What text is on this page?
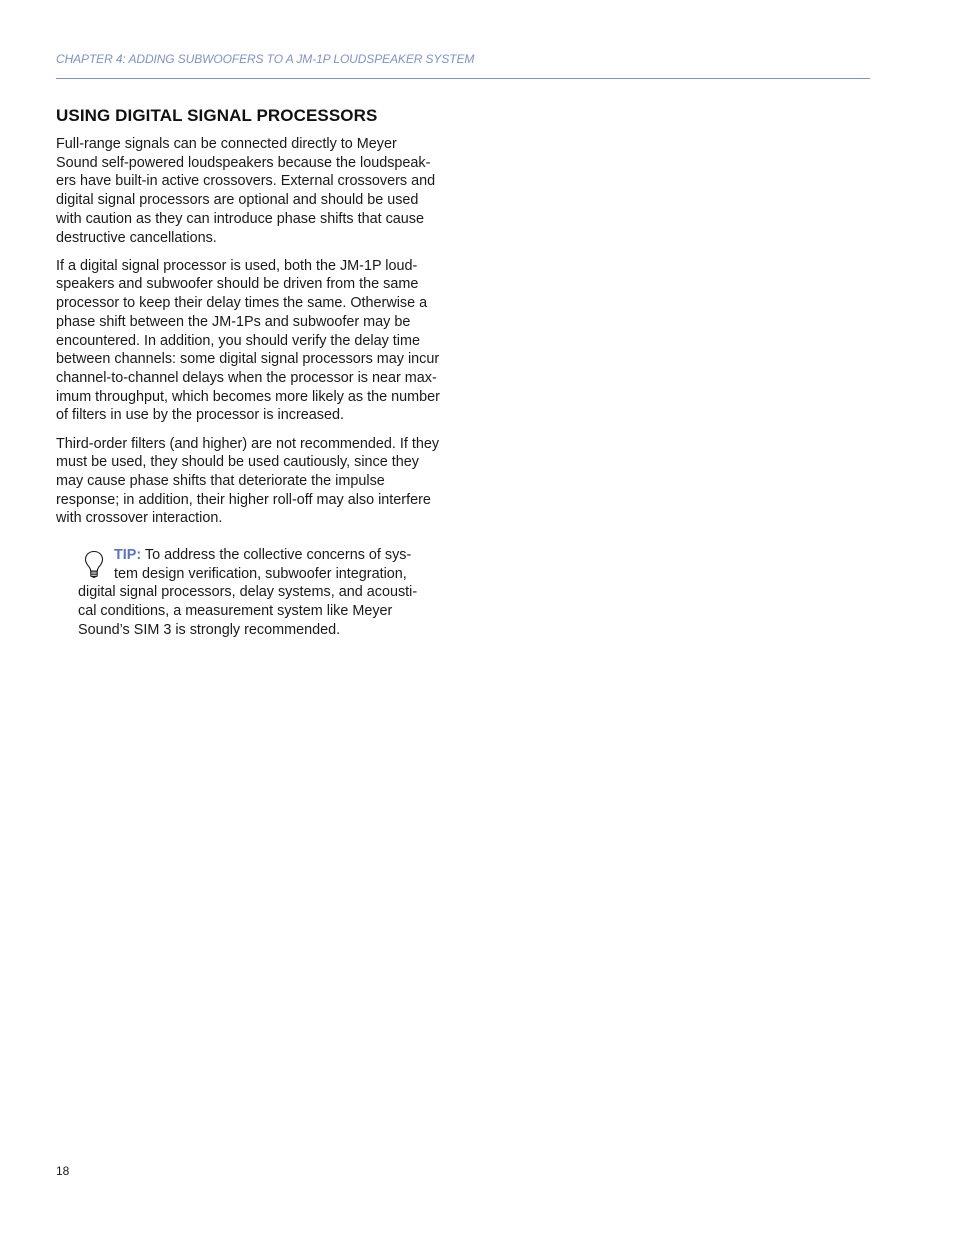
CHAPTER 4: ADDING SUBWOOFERS TO A JM-1P LOUDSPEAKER SYSTEM
USING DIGITAL SIGNAL PROCESSORS

Full-range signals can be connected directly to Meyer
Sound self-powered loudspeakers because the loudspeak-
ers have built-in active crossovers. External crossovers and
digital signal processors are optional and should be used
with caution as they can introduce phase shifts that cause
destructive cancellations.

If a digital signal processor is used, both the JM-1P loud-
speakers and subwoofer should be driven from the same
processor to keep their delay times the same. Otherwise a
phase shift between the JM-1Ps and subwoofer may be
encountered. In addition, you should verify the delay time
between channels: some digital signal processors may incur
channel-to-channel delays when the processor is near max-
imum throughput, which becomes more likely as the number
of filters in use by the processor is increased.

Third-order filters (and higher) are not recommended. If they
must be used, they should be used cautiously, since they
may cause phase shifts that deteriorate the impulse
response; in addition, their higher roll-off may also interfere
with crossover interaction.

TIP: To address the collective concerns of sys-
tem design verification, subwoofer integration,
digital signal processors, delay systems, and acousti-
cal conditions, a measurement system like Meyer
Sound’s SIM 3 is strongly recommended.

18
